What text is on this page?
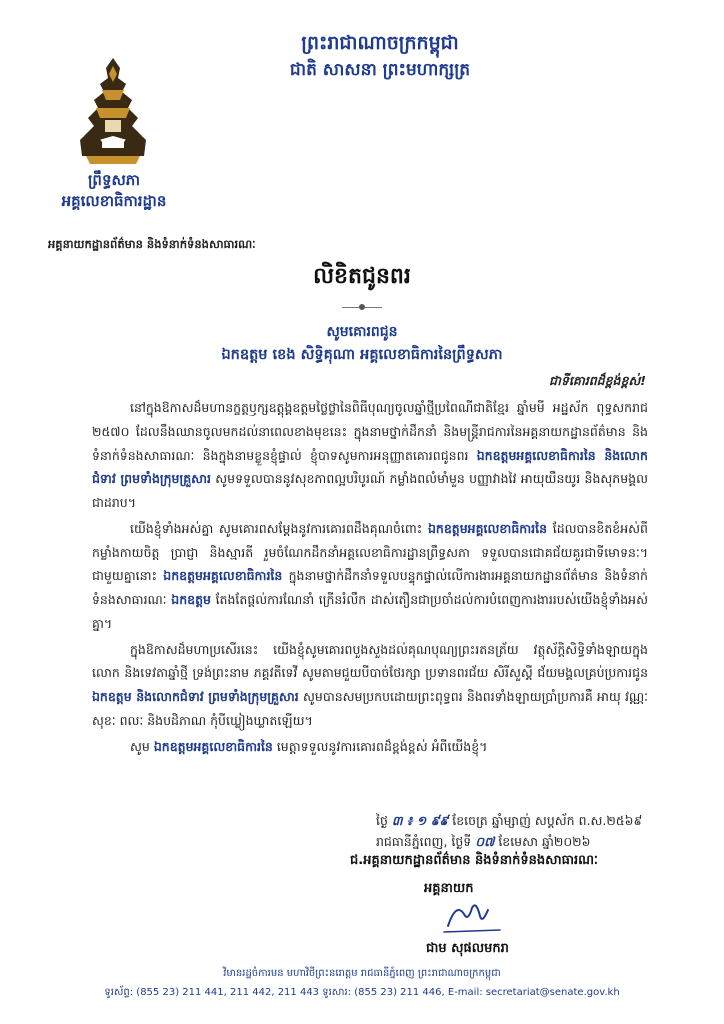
ព្រះរាជាណាចក្រកម្ពុជា
ជាតិ សាសនា ព្រះមហាក្សត្រ
ព្រឹទ្ធសភា
អគ្គលេខាធិការដ្ឋាន
អគ្គនាយកដ្ឋានព័ត៌មាន និងទំនាក់ទំនងសាធារណៈ
លិខិតជូនពរ
សូមគោរពជូន
ឯកឧត្តម ខេង សិទ្ធិគុណា អគ្គលេខាធិការនៃព្រឹទ្ធសភា
ជាទីគោរពដ៏ខ្ពង់ខ្ពស់!

នៅក្នុងឱកាសដ៏មហានក្ខត្តឫក្សឧត្តុង្គឧត្តមថ្លៃថ្លានៃពិធីបុណ្យចូលឆ្នាំថ្មីប្រពៃណីជាតិខ្មែរ ឆ្នាំមមី អដ្ឋស័ក ពុទ្ធសករាជ ២៥៧០ ដែលនឹងឈានចូលមកដល់នាពេលខាងមុខនេះ ក្នុងនាមថ្នាក់ដឹកនាំ និងមន្ត្រីរាជការនៃអគ្គនាយកដ្ឋានព័ត៌មាន និងទំនាក់ទំនងសាធារណៈ និងក្នុងនាមខ្លួនខ្ញុំផ្ទាល់ ខ្ញុំបាទសូមការអនុញ្ញាតគោរពជូនពរ ឯកឧត្តមអគ្គលេខាធិការនៃ និងលោកជំទាវ ព្រមទាំងក្រុមគ្រួសារ សូមទទួលបាននូវសុខភាពល្អបរិបូរណ៍ កម្លាំងពលំមាំមួន បញ្ញាវាងវៃ អាយុយឺនយូរ និងសុភមង្គលជាដរាប។

យើងខ្ញុំទាំងអស់គ្នា សូមគោរពសម្តែងនូវការគោរពដឹងគុណចំពោះ ឯកឧត្តមអគ្គលេខាធិការនៃ ដែលបានខិតខំអស់ពីកម្លាំងកាយចិត្ត ប្រាជ្ញា និងស្មារតី រួមចំណែកដឹកនាំអគ្គលេខាធិការដ្ឋានព្រឹទ្ធសភា ទទួលបានជោគជ័យគួរជាទីមោទនៈ។ ជាមួយគ្នានោះ ឯកឧត្តមអគ្គលេខាធិការនៃ ក្នុងនាមថ្នាក់ដឹកនាំទទួលបន្ទុកផ្ទាល់លើការងារអគ្គនាយកដ្ឋានព័ត៌មាន និងទំនាក់ទំនងសាធារណៈ ឯកឧត្តម តែងតែផ្តល់ការណែនាំ ក្រើនរំលឹក ដាស់តឿនជាប្រចាំដល់ការបំពេញការងាររបស់យើងខ្ញុំទាំងអស់គ្នា។

ក្នុងឱកាសដ៏មហាប្រសើរនេះ យើងខ្ញុំសូមគោរពបួងសួងដល់គុណបុណ្យព្រះរតនត្រ័យ វត្ថុស័ក្តិសិទ្ធិទាំងឡាយក្នុងលោក និងទេវតាឆ្នាំថ្មី ទ្រង់ព្រះនាម ភគ្គវតីទេវី សូមតាមជួយបីបាច់ថែរក្សា ប្រទានពរជ័យ សិរីសួស្តី ជ័យមង្គលគ្រប់ប្រការជូន ឯកឧត្តម និងលោកជំទាវ ព្រមទាំងក្រុមគ្រួសារ សូមបានសមប្រកបដោយព្រះពុទ្ធពរ និងពរទាំងឡាយប្រាំប្រការគឺ អាយុ វណ្ណៈ សុខៈ ពលៈ និងបដិភាណ កុំបីឃ្លៀងឃ្លាតឡើយ។

សូម ឯកឧត្តមអគ្គលេខាធិការនៃ មេត្តាទទួលនូវការគោរពដ៏ខ្ពង់ខ្ពស់ អំពីយើងខ្ញុំ។

ថ្ងៃ ៣ ៖ ១ ៩៩ ខែចេត្រ ឆ្នាំម្សាញ់ សប្តស័ក ព.ស.២៥៦៩
រាជធានីភ្នំពេញ, ថ្ងៃទី ០៧ ខែមេសា ឆ្នាំ២០២៦
ជ.អគ្គនាយកដ្ឋានព័ត៌មាន និងទំនាក់ទំនងសាធារណៈ
អគ្គនាយក
ជាម សុផលមករា
វិមានរដ្ឋចំការមន មហាវិថីព្រះនរោត្តម រាជធានីភ្នំពេញ ព្រះរាជាណាចក្រកម្ពុជា
ទូរស័ព្ទ: (855 23) 211 441, 211 442, 211 443 ទូរសារ: (855 23) 211 446, E-mail: secretariat@senate.gov.kh
